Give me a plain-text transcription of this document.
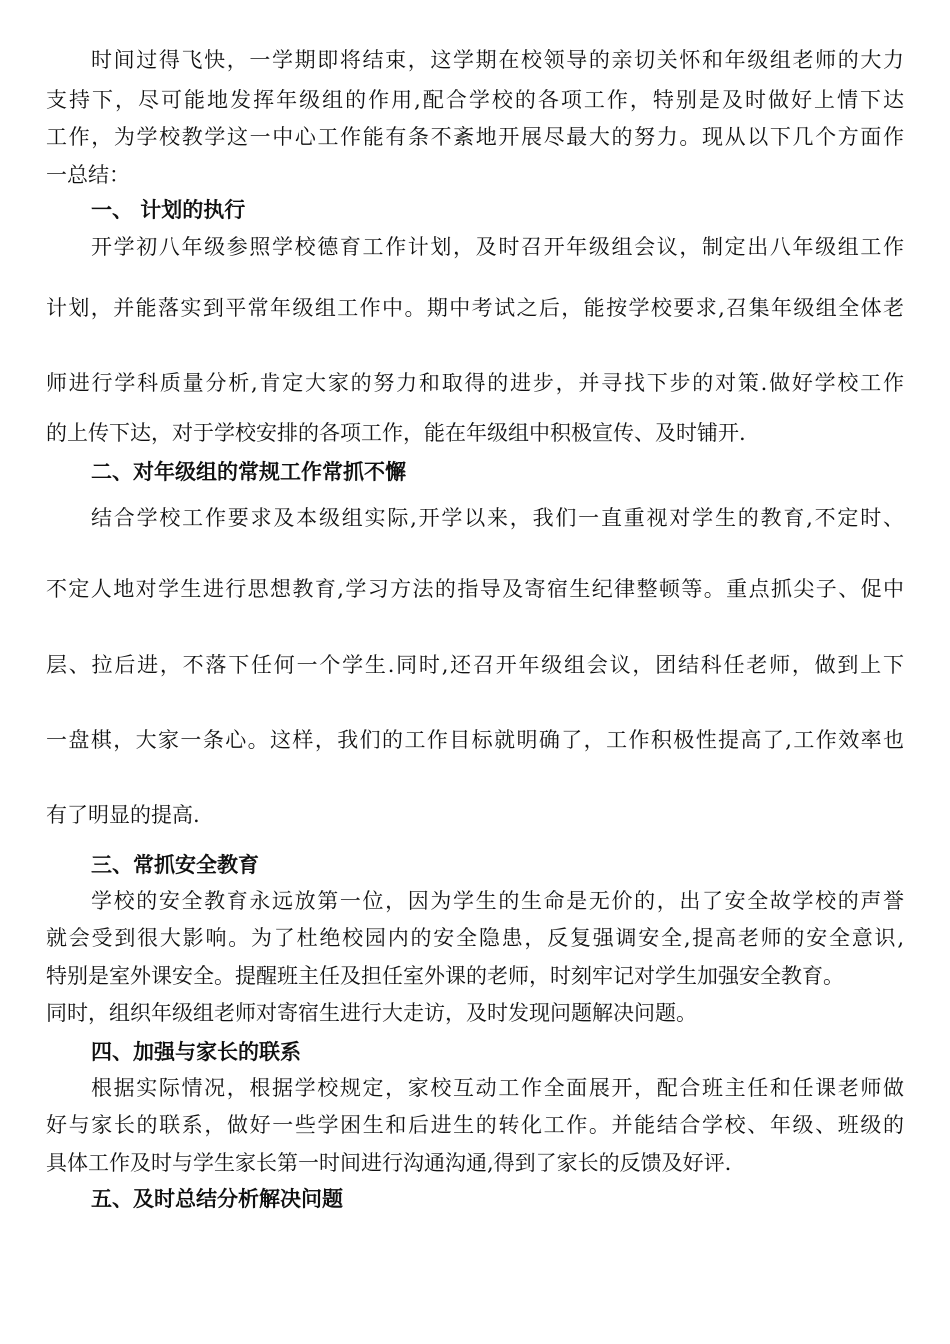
时间过得飞快，一学期即将结束，这学期在校领导的亲切关怀和年级组老师的大力
支持下，尽可能地发挥年级组的作用,配合学校的各项工作，特别是及时做好上情下达
工作，为学校教学这一中心工作能有条不紊地开展尽最大的努力。现从以下几个方面作
一总结：
一、 计划的执行
开学初八年级参照学校德育工作计划，及时召开年级组会议，制定出八年级组工作
计划，并能落实到平常年级组工作中。期中考试之后，能按学校要求,召集年级组全体老
师进行学科质量分析,肯定大家的努力和取得的进步，并寻找下步的对策.做好学校工作
的上传下达，对于学校安排的各项工作，能在年级组中积极宣传、及时铺开.
二、对年级组的常规工作常抓不懈
结合学校工作要求及本级组实际,开学以来，我们一直重视对学生的教育,不定时、
不定人地对学生进行思想教育,学习方法的指导及寄宿生纪律整顿等。重点抓尖子、促中
层、拉后进，不落下任何一个学生.同时,还召开年级组会议，团结科任老师，做到上下
一盘棋，大家一条心。这样，我们的工作目标就明确了，工作积极性提高了,工作效率也
有了明显的提高.
三、常抓安全教育
学校的安全教育永远放第一位，因为学生的生命是无价的，出了安全故学校的声誉
就会受到很大影响。为了杜绝校园内的安全隐患，反复强调安全,提高老师的安全意识,
特别是室外课安全。提醒班主任及担任室外课的老师，时刻牢记对学生加强安全教育。
同时，组织年级组老师对寄宿生进行大走访，及时发现问题解决问题。
四、加强与家长的联系
根据实际情况，根据学校规定，家校互动工作全面展开，配合班主任和任课老师做
好与家长的联系，做好一些学困生和后进生的转化工作。并能结合学校、年级、班级的
具体工作及时与学生家长第一时间进行沟通沟通,得到了家长的反馈及好评.
五、及时总结分析解决问题
